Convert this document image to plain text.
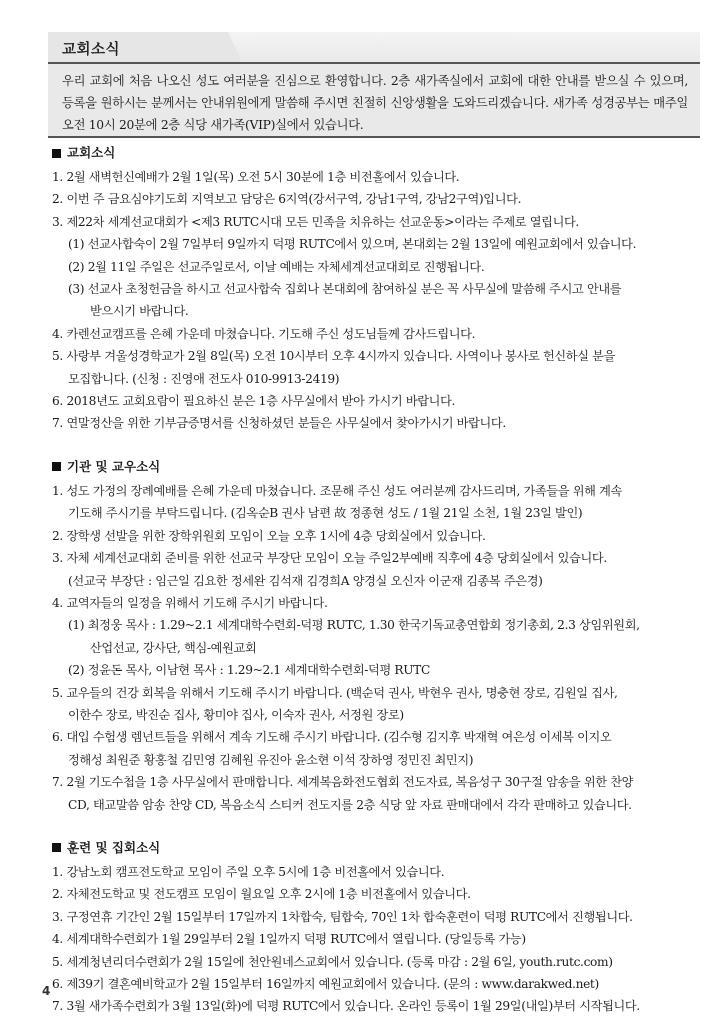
교회소식

우리 교회에 처음 나오신 성도 여러분을 진심으로 환영합니다. 2층 새가족실에서 교회에 대한 안내를 받으실 수 있으며, 등록을 원하시는 분께서는 안내위원에게 말씀해 주시면 친절히 신앙생활을 도와드리겠습니다. 새가족 성경공부는 매주일 오전 10시 20분에 2층 식당 새가족(VIP)실에서 있습니다.

교회소식
1. 2월 새벽헌신예배가 2월 1일(목) 오전 5시 30분에 1층 비전홀에서 있습니다.
2. 이번 주 금요심야기도회 지역보고 담당은 6지역(강서구역, 강남1구역, 강남2구역)입니다.
3. 제22차 세계선교대회가 <제3 RUTC시대 모든 민족을 치유하는 선교운동>이라는 주제로 열립니다.
(1) 선교사합숙이 2월 7일부터 9일까지 덕평 RUTC에서 있으며, 본대회는 2월 13일에 예원교회에서 있습니다.
(2) 2월 11일 주일은 선교주일로서, 이날 예배는 자체세계선교대회로 진행됩니다.
(3) 선교사 초청헌금을 하시고 선교사합숙 집회나 본대회에 참여하실 분은 꼭 사무실에 말씀해 주시고 안내를
받으시기 바랍니다.
4. 카렌선교캠프를 은혜 가운데 마쳤습니다. 기도해 주신 성도님들께 감사드립니다.
5. 사랑부 겨울성경학교가 2월 8일(목) 오전 10시부터 오후 4시까지 있습니다. 사역이나 봉사로 헌신하실 분을
모집합니다. (신청 : 진영애 전도사 010-9913-2419)
6. 2018년도 교회요람이 필요하신 분은 1층 사무실에서 받아 가시기 바랍니다.
7. 연말정산을 위한 기부금증명서를 신청하셨던 분들은 사무실에서 찾아가시기 바랍니다.
기관 및 교우소식
1. 성도 가정의 장례예배를 은혜 가운데 마쳤습니다. 조문해 주신 성도 여러분께 감사드리며, 가족들을 위해 계속
기도해 주시기를 부탁드립니다. (김옥순B 권사 남편 故 정종현 성도 / 1월 21일 소천, 1월 23일 발인)
2. 장학생 선발을 위한 장학위원회 모임이 오늘 오후 1시에 4층 당회실에서 있습니다.
3. 자체 세계선교대회 준비를 위한 선교국 부장단 모임이 오늘 주일2부예배 직후에 4층 당회실에서 있습니다.
(선교국 부장단 : 임근일 김요한 정세완 김석재 김경희A 양경실 오신자 이군재 김종복 주은경)
4. 교역자들의 일정을 위해서 기도해 주시기 바랍니다.
(1) 최정웅 목사 : 1.29~2.1 세계대학수련회-덕평 RUTC, 1.30 한국기독교총연합회 정기총회, 2.3 상임위원회,
산업선교, 강사단, 핵심-예원교회
(2) 정윤돈 목사, 이남현 목사 : 1.29~2.1 세계대학수련회-덕평 RUTC
5. 교우들의 건강 회복을 위해서 기도해 주시기 바랍니다. (백순덕 권사, 박현우 권사, 명충현 장로, 김원일 집사,
이한수 장로, 박진순 집사, 황미야 집사, 이숙자 권사, 서정원 장로)
6. 대입 수험생 렘넌트들을 위해서 계속 기도해 주시기 바랍니다. (김수형 김지후 박재혁 여은성 이세복 이지오
정해성 최원준 황홍철 김민영 김혜원 유진아 윤소현 이석 장하영 정민진 최민지)
7. 2월 기도수첩을 1층 사무실에서 판매합니다. 세계복음화전도협회 전도자료, 복음성구 30구절 암송을 위한 찬양
CD, 태교말씀 암송 찬양 CD, 복음소식 스티커 전도지를 2층 식당 앞 자료 판매대에서 각각 판매하고 있습니다.
훈련 및 집회소식
1. 강남노회 캠프전도학교 모임이 주일 오후 5시에 1층 비전홀에서 있습니다.
2. 자체전도학교 및 전도캠프 모임이 월요일 오후 2시에 1층 비전홀에서 있습니다.
3. 구정연휴 기간인 2월 15일부터 17일까지 1차합숙, 팀합숙, 70인 1차 합숙훈련이 덕평 RUTC에서 진행됩니다.
4. 세계대학수련회가 1월 29일부터 2월 1일까지 덕평 RUTC에서 열립니다. (당일등록 가능)
5. 세계청년리더수련회가 2월 15일에 천안원네스교회에서 있습니다. (등록 마감 : 2월 6일, youth.rutc.com)
6. 제39기 결혼예비학교가 2월 15일부터 16일까지 예원교회에서 있습니다. (문의 : www.darakwed.net)
7. 3월 새가족수련회가 3월 13일(화)에 덕평 RUTC에서 있습니다. 온라인 등록이 1월 29일(내일)부터 시작됩니다.
4
